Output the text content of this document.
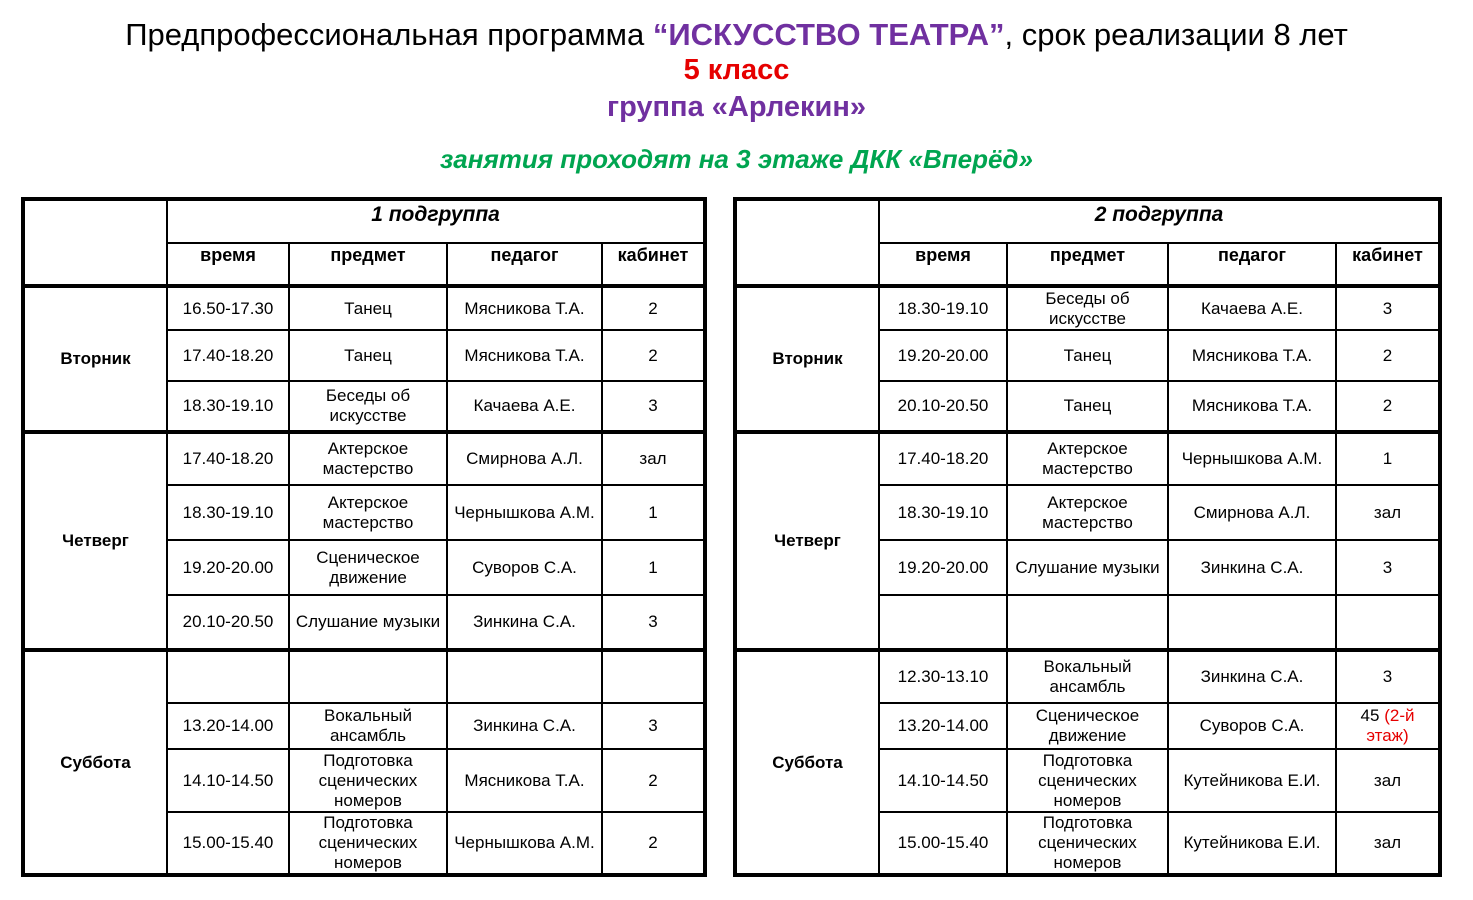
Предпрофессиональная программа “ИСКУССТВО ТЕАТРА”, срок реализации 8 лет
5 класс
группа «Арлекин»
занятия проходят на 3 этаже ДКК «Вперёд»
	1 подгруппа			
	время	предмет	педагог	кабинет
Вторник	16.50-17.30	Танец	Мясникова Т.А.	2
	17.40-18.20	Танец	Мясникова Т.А.	2
	18.30-19.10	Беседы об искусстве	Качаева А.Е.	3
Четверг	17.40-18.20	Актерское мастерство	Смирнова А.Л.	зал
	18.30-19.10	Актерское мастерство	Чернышкова А.М.	1
	19.20-20.00	Сценическое движение	Суворов С.А.	1
	20.10-20.50	Слушание музыки	Зинкина С.А.	3
Суббота				
	13.20-14.00	Вокальный ансамбль	Зинкина С.А.	3
	14.10-14.50	Подготовка сценических номеров	Мясникова Т.А.	2
	15.00-15.40	Подготовка сценических номеров	Чернышкова А.М.	2
	2 подгруппа			
	время	предмет	педагог	кабинет
Вторник	18.30-19.10	Беседы об искусстве	Качаева А.Е.	3
	19.20-20.00	Танец	Мясникова Т.А.	2
	20.10-20.50	Танец	Мясникова Т.А.	2
Четверг	17.40-18.20	Актерское мастерство	Чернышкова А.М.	1
	18.30-19.10	Актерское мастерство	Смирнова А.Л.	зал
	19.20-20.00	Слушание музыки	Зинкина С.А.	3

Суббота	12.30-13.10	Вокальный ансамбль	Зинкина С.А.	3
	13.20-14.00	Сценическое движение	Суворов С.А.	45 (2-й этаж)
	14.10-14.50	Подготовка сценических номеров	Кутейникова Е.И.	зал
	15.00-15.40	Подготовка сценических номеров	Кутейникова Е.И.	зал
